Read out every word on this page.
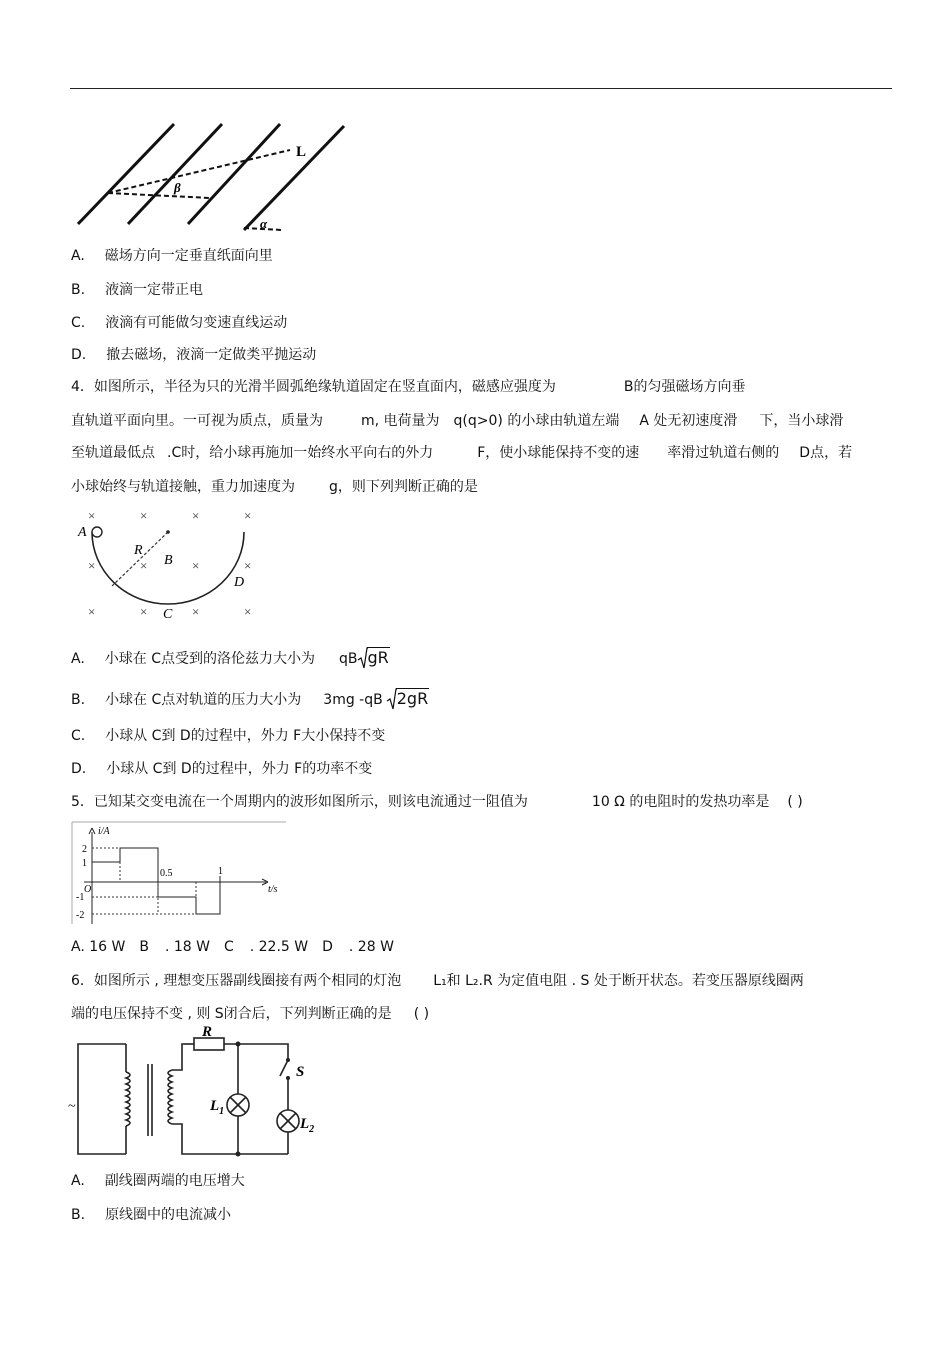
L
β
α
A. 磁场方向一定垂直纸面向里
B. 液滴一定带正电
C. 液滴有可能做匀变速直线运动
D. 撤去磁场，液滴一定做类平抛运动
4．如图所示，半径为只的光滑半圆弧绝缘轨道固定在竖直面内，磁感应强度为	B的匀强磁场方向垂
直轨道平面向里。一可视为质点，质量为	m, 电荷量为 q(q>0) 的小球由轨道左端 A 处无初速度滑 下，当小球滑
至轨道最低点 .C时，给小球再施加一始终水平向右的外力	F，使小球能保持不变的速 率滑过轨道右侧的 D点，若
小球始终与轨道接触，重力加速度为 g，则下列判断正确的是
×	×	×	×
×	×	×	×
×	×	×	×
A
R
B
C
D
A. 小球在 C点受到的洛伦兹力大小为 qB gR
B. 小球在 C点对轨道的压力大小为 3mg -qB 2gR
C. 小球从 C到 D的过程中，外力 F大小保持不变
D. 小球从 C到 D的过程中，外力 F的功率不变
5．已知某交变电流在一个周期内的波形如图所示，则该电流通过一阻值为	10 Ω 的电阻时的发热功率是 ( )
i/A
t/s
O
2
1
-1
-2
0.5	1
A. 16 W B . 18 W C . 22.5 W D . 28 W
6．如图所示 , 理想变压器副线圈接有两个相同的灯泡 L₁和 L₂.R 为定值电阻 . S 处于断开状态。若变压器原线圈两
端的电压保持不变 , 则 S闭合后，下列判断正确的是 ( )
~
R
S
$L_1$
$L_2$
A. 副线圈两端的电压增大
B. 原线圈中的电流减小
